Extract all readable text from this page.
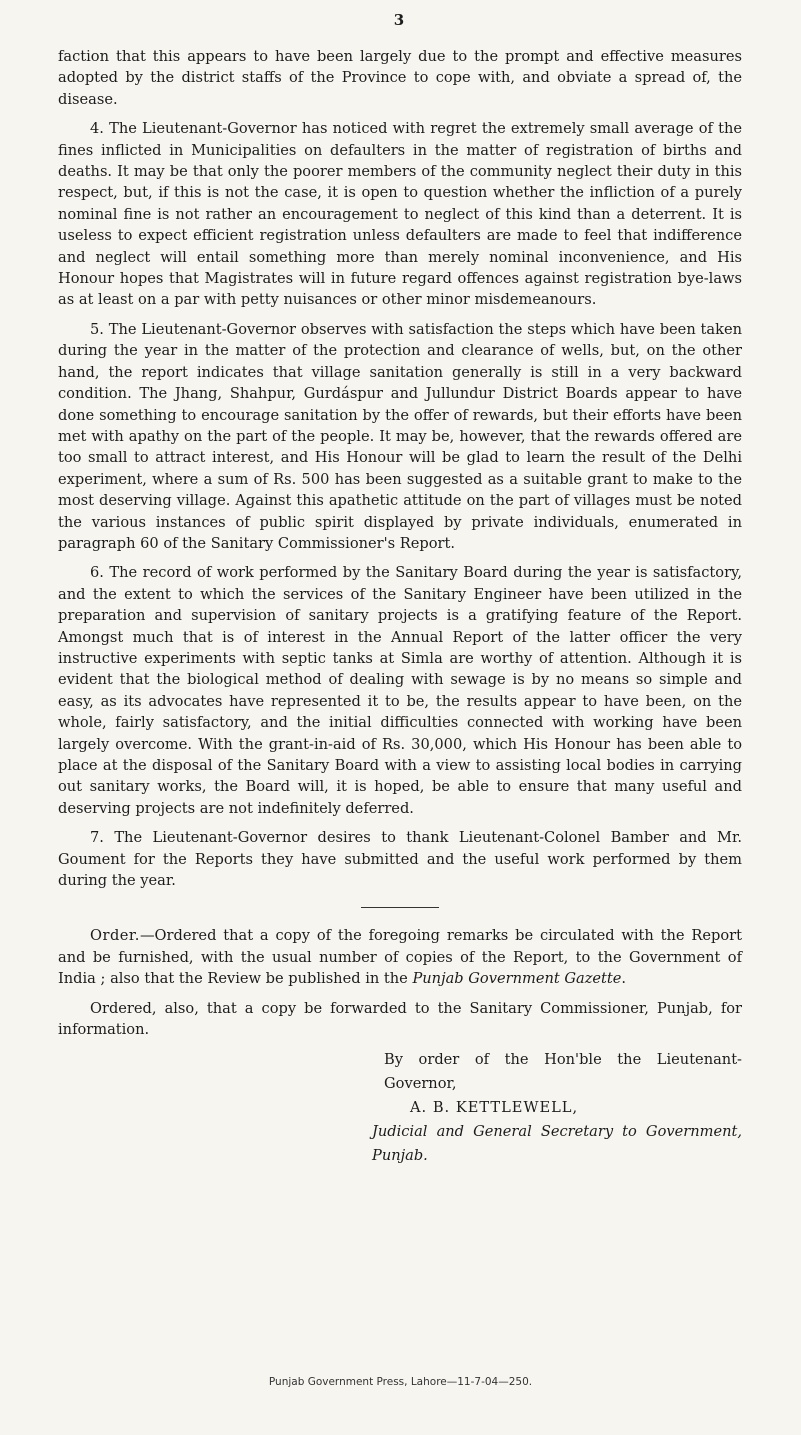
3

faction that this appears to have been largely due to the prompt and effective measures adopted by the district staffs of the Province to cope with, and obviate a spread of, the disease.

4. The Lieutenant-Governor has noticed with regret the extremely small average of the fines inflicted in Municipalities on defaulters in the matter of registration of births and deaths. It may be that only the poorer members of the community neglect their duty in this respect, but, if this is not the case, it is open to question whether the infliction of a purely nominal fine is not rather an encouragement to neglect of this kind than a deterrent. It is useless to expect efficient registration unless defaulters are made to feel that indifference and neglect will entail something more than merely nominal inconvenience, and His Honour hopes that Magistrates will in future regard offences against registration bye-laws as at least on a par with petty nuisances or other minor misdemeanours.

5. The Lieutenant-Governor observes with satisfaction the steps which have been taken during the year in the matter of the protection and clearance of wells, but, on the other hand, the report indicates that village sanitation generally is still in a very backward condition. The Jhang, Shahpur, Gurdáspur and Jullundur District Boards appear to have done something to encourage sanitation by the offer of rewards, but their efforts have been met with apathy on the part of the people. It may be, however, that the rewards offered are too small to attract interest, and His Honour will be glad to learn the result of the Delhi experiment, where a sum of Rs. 500 has been suggested as a suitable grant to make to the most deserving village. Against this apathetic attitude on the part of villages must be noted the various instances of public spirit displayed by private individuals, enumerated in paragraph 60 of the Sanitary Commissioner's Report.

6. The record of work performed by the Sanitary Board during the year is satisfactory, and the extent to which the services of the Sanitary Engineer have been utilized in the preparation and supervision of sanitary projects is a gratifying feature of the Report. Amongst much that is of interest in the Annual Report of the latter officer the very instructive experiments with septic tanks at Simla are worthy of attention. Although it is evident that the biological method of dealing with sewage is by no means so simple and easy, as its advocates have represented it to be, the results appear to have been, on the whole, fairly satisfactory, and the initial difficulties connected with working have been largely overcome. With the grant-in-aid of Rs. 30,000, which His Honour has been able to place at the disposal of the Sanitary Board with a view to assisting local bodies in carrying out sanitary works, the Board will, it is hoped, be able to ensure that many useful and deserving projects are not indefinitely deferred.

7. The Lieutenant-Governor desires to thank Lieutenant-Colonel Bamber and Mr. Goument for the Reports they have submitted and the useful work performed by them during the year.

Order.—Ordered that a copy of the foregoing remarks be circulated with the Report and be furnished, with the usual number of copies of the Report, to the Government of India ; also that the Review be published in the Punjab Government Gazette.

Ordered, also, that a copy be forwarded to the Sanitary Commissioner, Punjab, for information.

By order of the Hon'ble the Lieutenant-Governor,
A. B. KETTLEWELL,
Judicial and General Secretary to Government, Punjab.
Punjab Government Press, Lahore—11-7-04—250.
